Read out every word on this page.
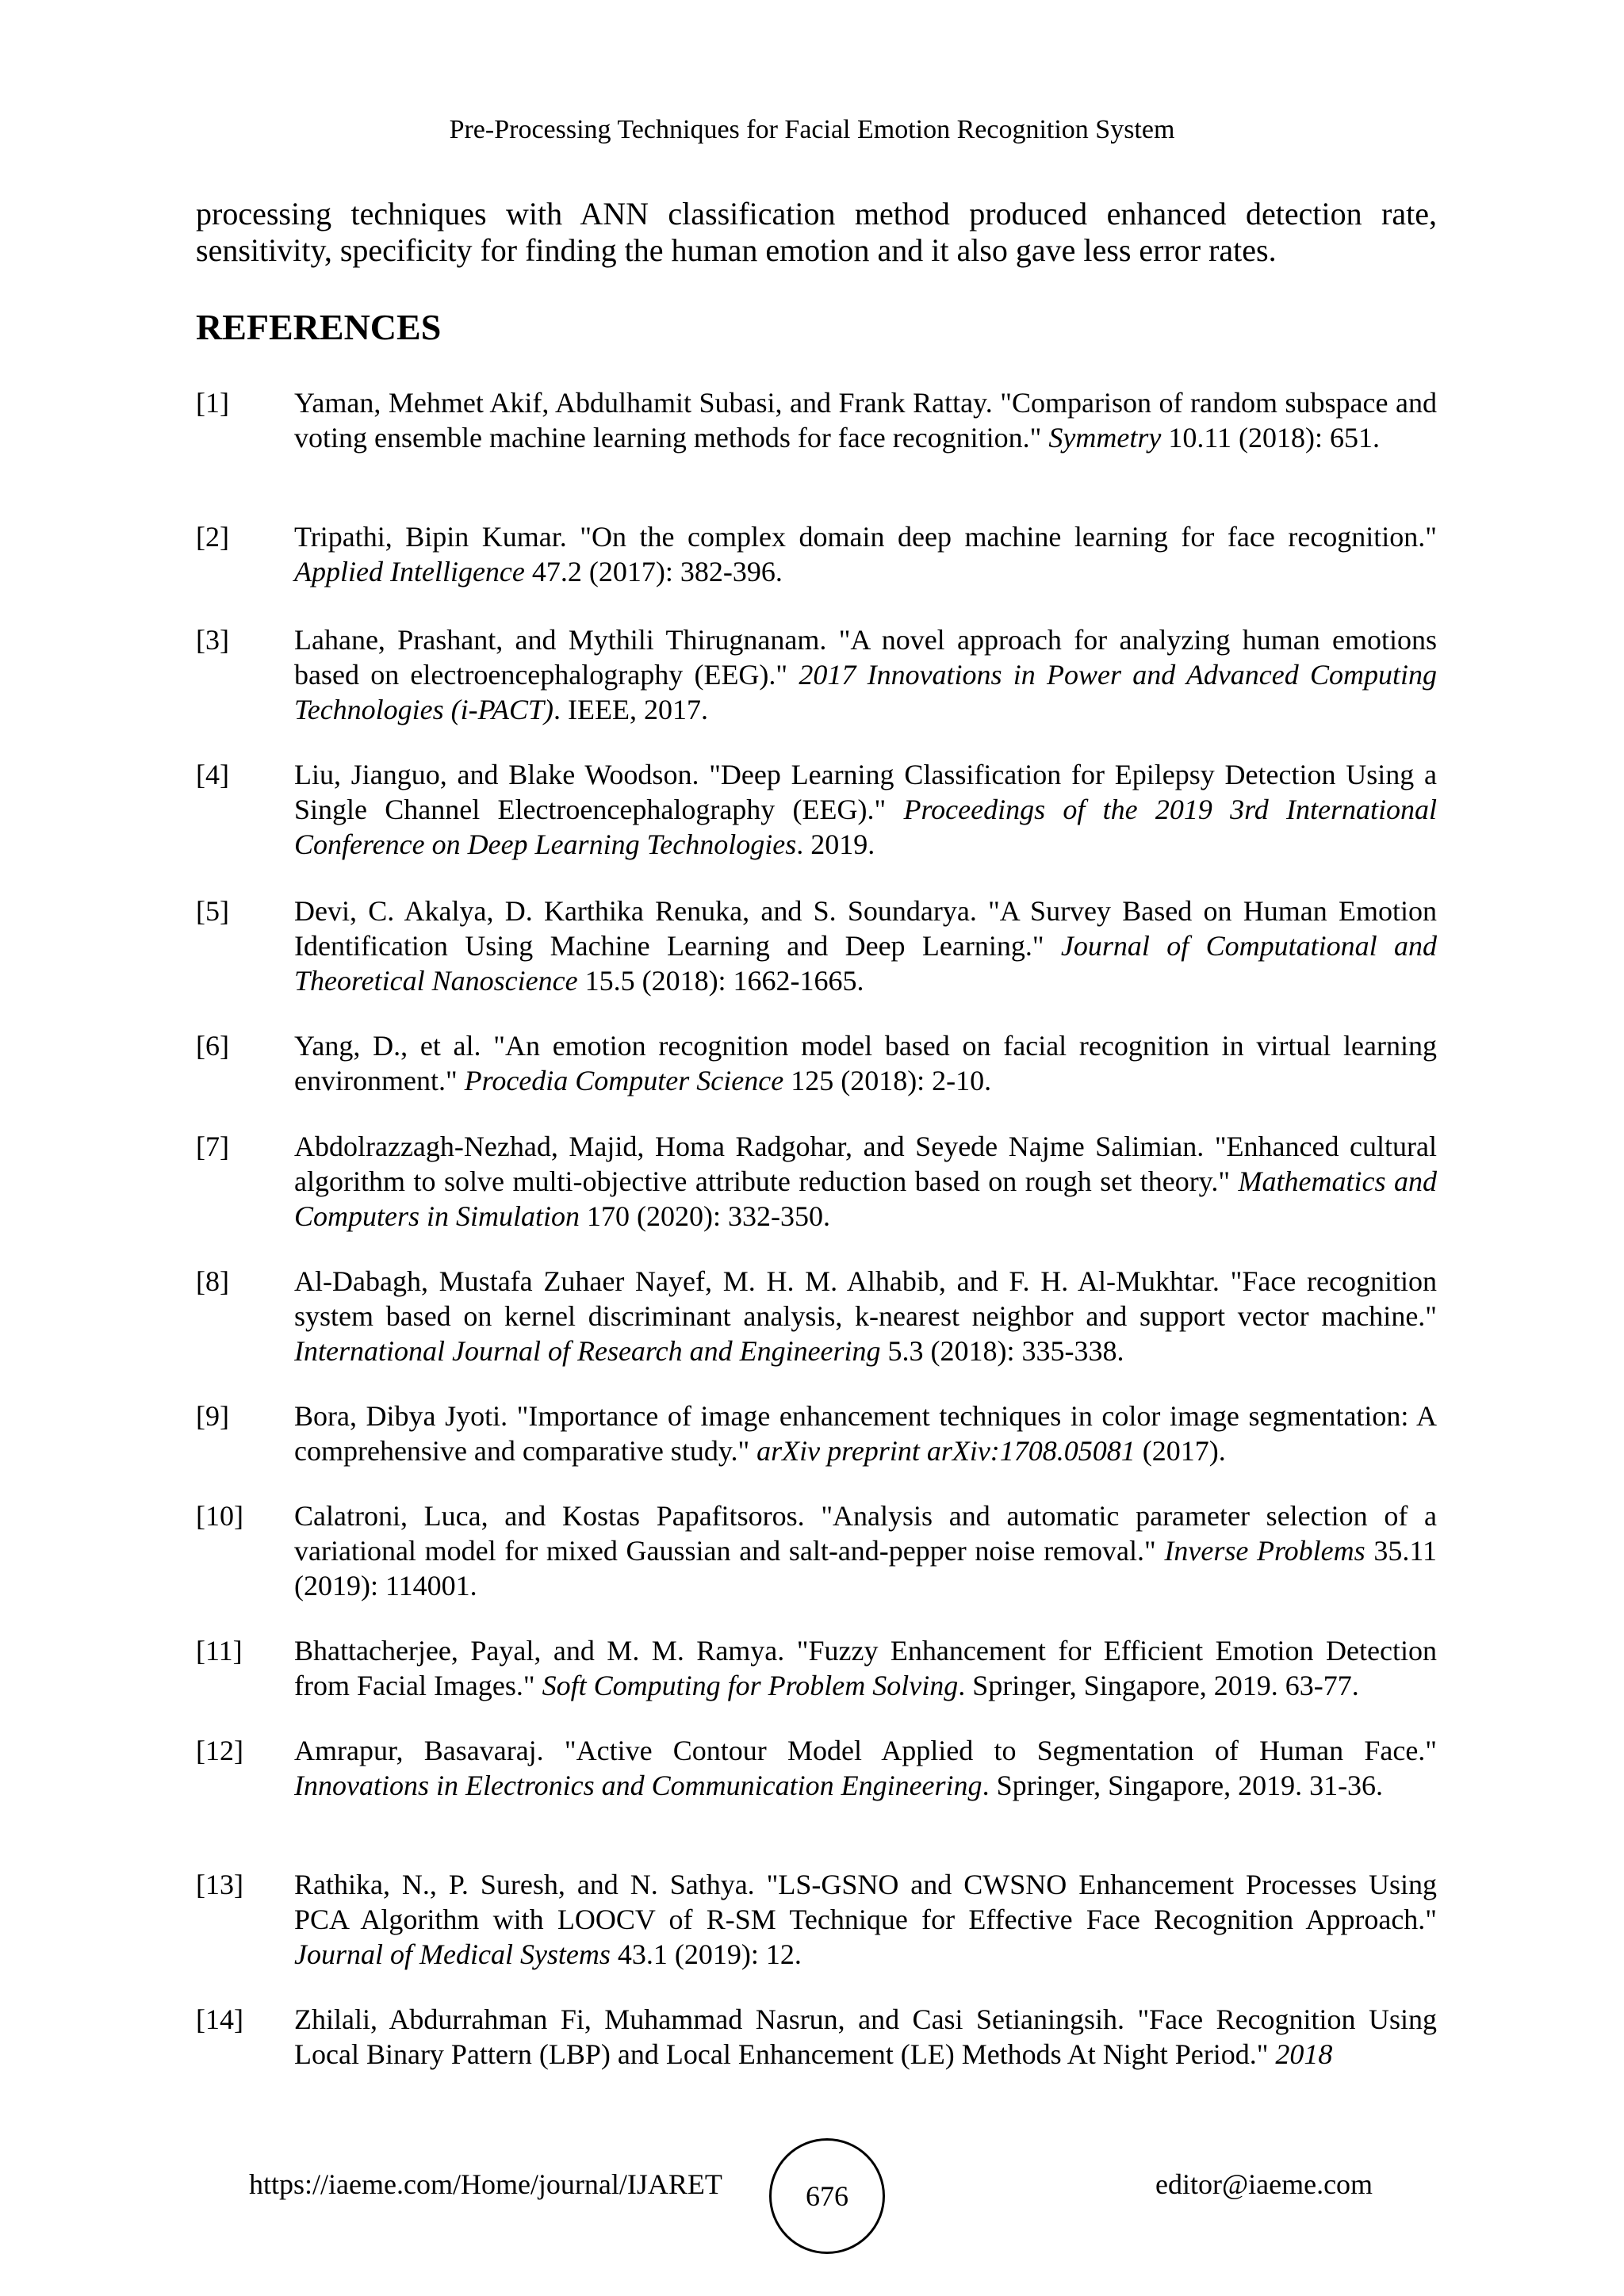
Pre-Processing Techniques for Facial Emotion Recognition System

processing techniques with ANN classification method produced enhanced detection rate, sensitivity, specificity for finding the human emotion and it also gave less error rates.

REFERENCES
[1] Yaman, Mehmet Akif, Abdulhamit Subasi, and Frank Rattay. "Comparison of random subspace and voting ensemble machine learning methods for face recognition." Symmetry 10.11 (2018): 651.
[2] Tripathi, Bipin Kumar. "On the complex domain deep machine learning for face recognition." Applied Intelligence 47.2 (2017): 382-396.
[3] Lahane, Prashant, and Mythili Thirugnanam. "A novel approach for analyzing human emotions based on electroencephalography (EEG)." 2017 Innovations in Power and Advanced Computing Technologies (i-PACT). IEEE, 2017.
[4] Liu, Jianguo, and Blake Woodson. "Deep Learning Classification for Epilepsy Detection Using a Single Channel Electroencephalography (EEG)." Proceedings of the 2019 3rd International Conference on Deep Learning Technologies. 2019.
[5] Devi, C. Akalya, D. Karthika Renuka, and S. Soundarya. "A Survey Based on Human Emotion Identification Using Machine Learning and Deep Learning." Journal of Computational and Theoretical Nanoscience 15.5 (2018): 1662-1665.
[6] Yang, D., et al. "An emotion recognition model based on facial recognition in virtual learning environment." Procedia Computer Science 125 (2018): 2-10.
[7] Abdolrazzagh-Nezhad, Majid, Homa Radgohar, and Seyede Najme Salimian. "Enhanced cultural algorithm to solve multi-objective attribute reduction based on rough set theory." Mathematics and Computers in Simulation 170 (2020): 332-350.
[8] Al-Dabagh, Mustafa Zuhaer Nayef, M. H. M. Alhabib, and F. H. Al-Mukhtar. "Face recognition system based on kernel discriminant analysis, k-nearest neighbor and support vector machine." International Journal of Research and Engineering 5.3 (2018): 335-338.
[9] Bora, Dibya Jyoti. "Importance of image enhancement techniques in color image segmentation: A comprehensive and comparative study." arXiv preprint arXiv:1708.05081 (2017).
[10] Calatroni, Luca, and Kostas Papafitsoros. "Analysis and automatic parameter selection of a variational model for mixed Gaussian and salt-and-pepper noise removal." Inverse Problems 35.11 (2019): 114001.
[11] Bhattacherjee, Payal, and M. M. Ramya. "Fuzzy Enhancement for Efficient Emotion Detection from Facial Images." Soft Computing for Problem Solving. Springer, Singapore, 2019. 63-77.
[12] Amrapur, Basavaraj. "Active Contour Model Applied to Segmentation of Human Face." Innovations in Electronics and Communication Engineering. Springer, Singapore, 2019. 31-36.
[13] Rathika, N., P. Suresh, and N. Sathya. "LS-GSNO and CWSNO Enhancement Processes Using PCA Algorithm with LOOCV of R-SM Technique for Effective Face Recognition Approach." Journal of Medical Systems 43.1 (2019): 12.
[14] Zhilali, Abdurrahman Fi, Muhammad Nasrun, and Casi Setianingsih. "Face Recognition Using Local Binary Pattern (LBP) and Local Enhancement (LE) Methods At Night Period." 2018
https://iaeme.com/Home/journal/IJARET	676	editor@iaeme.com
